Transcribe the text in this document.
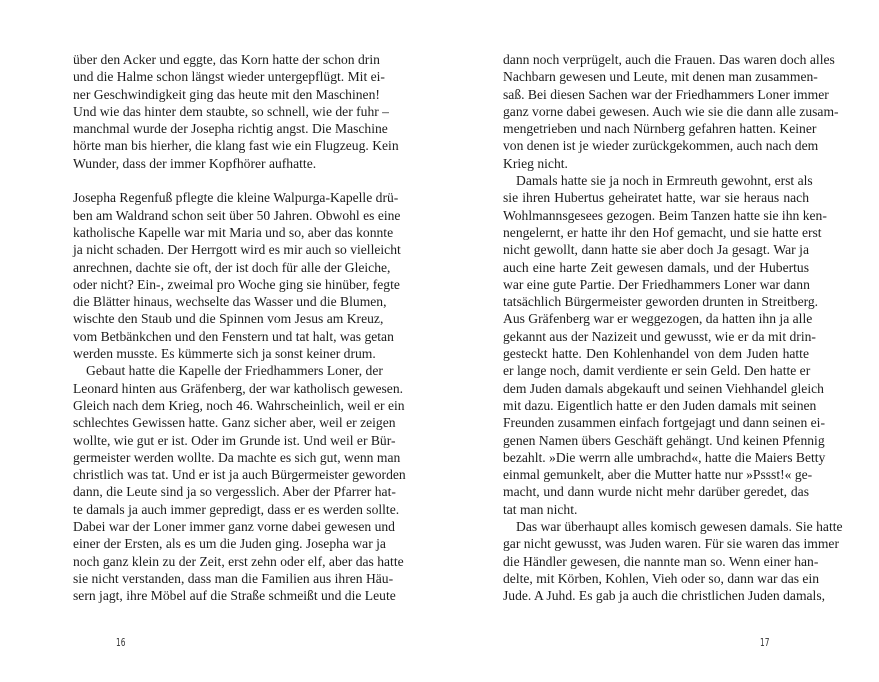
über den Acker und eggte, das Korn hatte der schon drin
und die Halme schon längst wieder untergepflügt. Mit ei-
ner Geschwindigkeit ging das heute mit den Maschinen!
Und wie das hinter dem staubte, so schnell, wie der fuhr –
manchmal wurde der Josepha richtig angst. Die Maschine
hörte man bis hierher, die klang fast wie ein Flugzeug. Kein
Wunder, dass der immer Kopfhörer aufhatte.
Josepha Regenfuß pflegte die kleine Walpurga-Kapelle drü-
ben am Waldrand schon seit über 50 Jahren. Obwohl es eine
katholische Kapelle war mit Maria und so, aber das konnte
ja nicht schaden. Der Herrgott wird es mir auch so vielleicht
anrechnen, dachte sie oft, der ist doch für alle der Gleiche,
oder nicht? Ein-, zweimal pro Woche ging sie hinüber, fegte
die Blätter hinaus, wechselte das Wasser und die Blumen,
wischte den Staub und die Spinnen vom Jesus am Kreuz,
vom Betbänkchen und den Fenstern und tat halt, was getan
werden musste. Es kümmerte sich ja sonst keiner drum.
Gebaut hatte die Kapelle der Friedhammers Loner, der
Leonard hinten aus Gräfenberg, der war katholisch gewesen.
Gleich nach dem Krieg, noch 46. Wahrscheinlich, weil er ein
schlechtes Gewissen hatte. Ganz sicher aber, weil er zeigen
wollte, wie gut er ist. Oder im Grunde ist. Und weil er Bür-
germeister werden wollte. Da machte es sich gut, wenn man
christlich was tat. Und er ist ja auch Bürgermeister geworden
dann, die Leute sind ja so vergesslich. Aber der Pfarrer hat-
te damals ja auch immer gepredigt, dass er es werden sollte.
Dabei war der Loner immer ganz vorne dabei gewesen und
einer der Ersten, als es um die Juden ging. Josepha war ja
noch ganz klein zu der Zeit, erst zehn oder elf, aber das hatte
sie nicht verstanden, dass man die Familien aus ihren Häu-
sern jagt, ihre Möbel auf die Straße schmeißt und die Leute
16
dann noch verprügelt, auch die Frauen. Das waren doch alles
Nachbarn gewesen und Leute, mit denen man zusammen-
saß. Bei diesen Sachen war der Friedhammers Loner immer
ganz vorne dabei gewesen. Auch wie sie die dann alle zusam-
mengetrieben und nach Nürnberg gefahren hatten. Keiner
von denen ist je wieder zurückgekommen, auch nach dem
Krieg nicht.
Damals hatte sie ja noch in Ermreuth gewohnt, erst als
sie ihren Hubertus geheiratet hatte, war sie heraus nach
Wohlmannsgesees gezogen. Beim Tanzen hatte sie ihn ken-
nengelernt, er hatte ihr den Hof gemacht, und sie hatte erst
nicht gewollt, dann hatte sie aber doch Ja gesagt. War ja
auch eine harte Zeit gewesen damals, und der Hubertus
war eine gute Partie. Der Friedhammers Loner war dann
tatsächlich Bürgermeister geworden drunten in Streitberg.
Aus Gräfenberg war er weggezogen, da hatten ihn ja alle
gekannt aus der Nazizeit und gewusst, wie er da mit drin-
gesteckt hatte. Den Kohlenhandel von dem Juden hatte
er lange noch, damit verdiente er sein Geld. Den hatte er
dem Juden damals abgekauft und seinen Viehhandel gleich
mit dazu. Eigentlich hatte er den Juden damals mit seinen
Freunden zusammen einfach fortgejagt und dann seinen ei-
genen Namen übers Geschäft gehängt. Und keinen Pfennig
bezahlt. »Die werrn alle umbrachd«, hatte die Maiers Betty
einmal gemunkelt, aber die Mutter hatte nur »Pssst!« ge-
macht, und dann wurde nicht mehr darüber geredet, das
tat man nicht.
Das war überhaupt alles komisch gewesen damals. Sie hatte
gar nicht gewusst, was Juden waren. Für sie waren das immer
die Händler gewesen, die nannte man so. Wenn einer han-
delte, mit Körben, Kohlen, Vieh oder so, dann war das ein
Jude. A Juhd. Es gab ja auch die christlichen Juden damals,
17
